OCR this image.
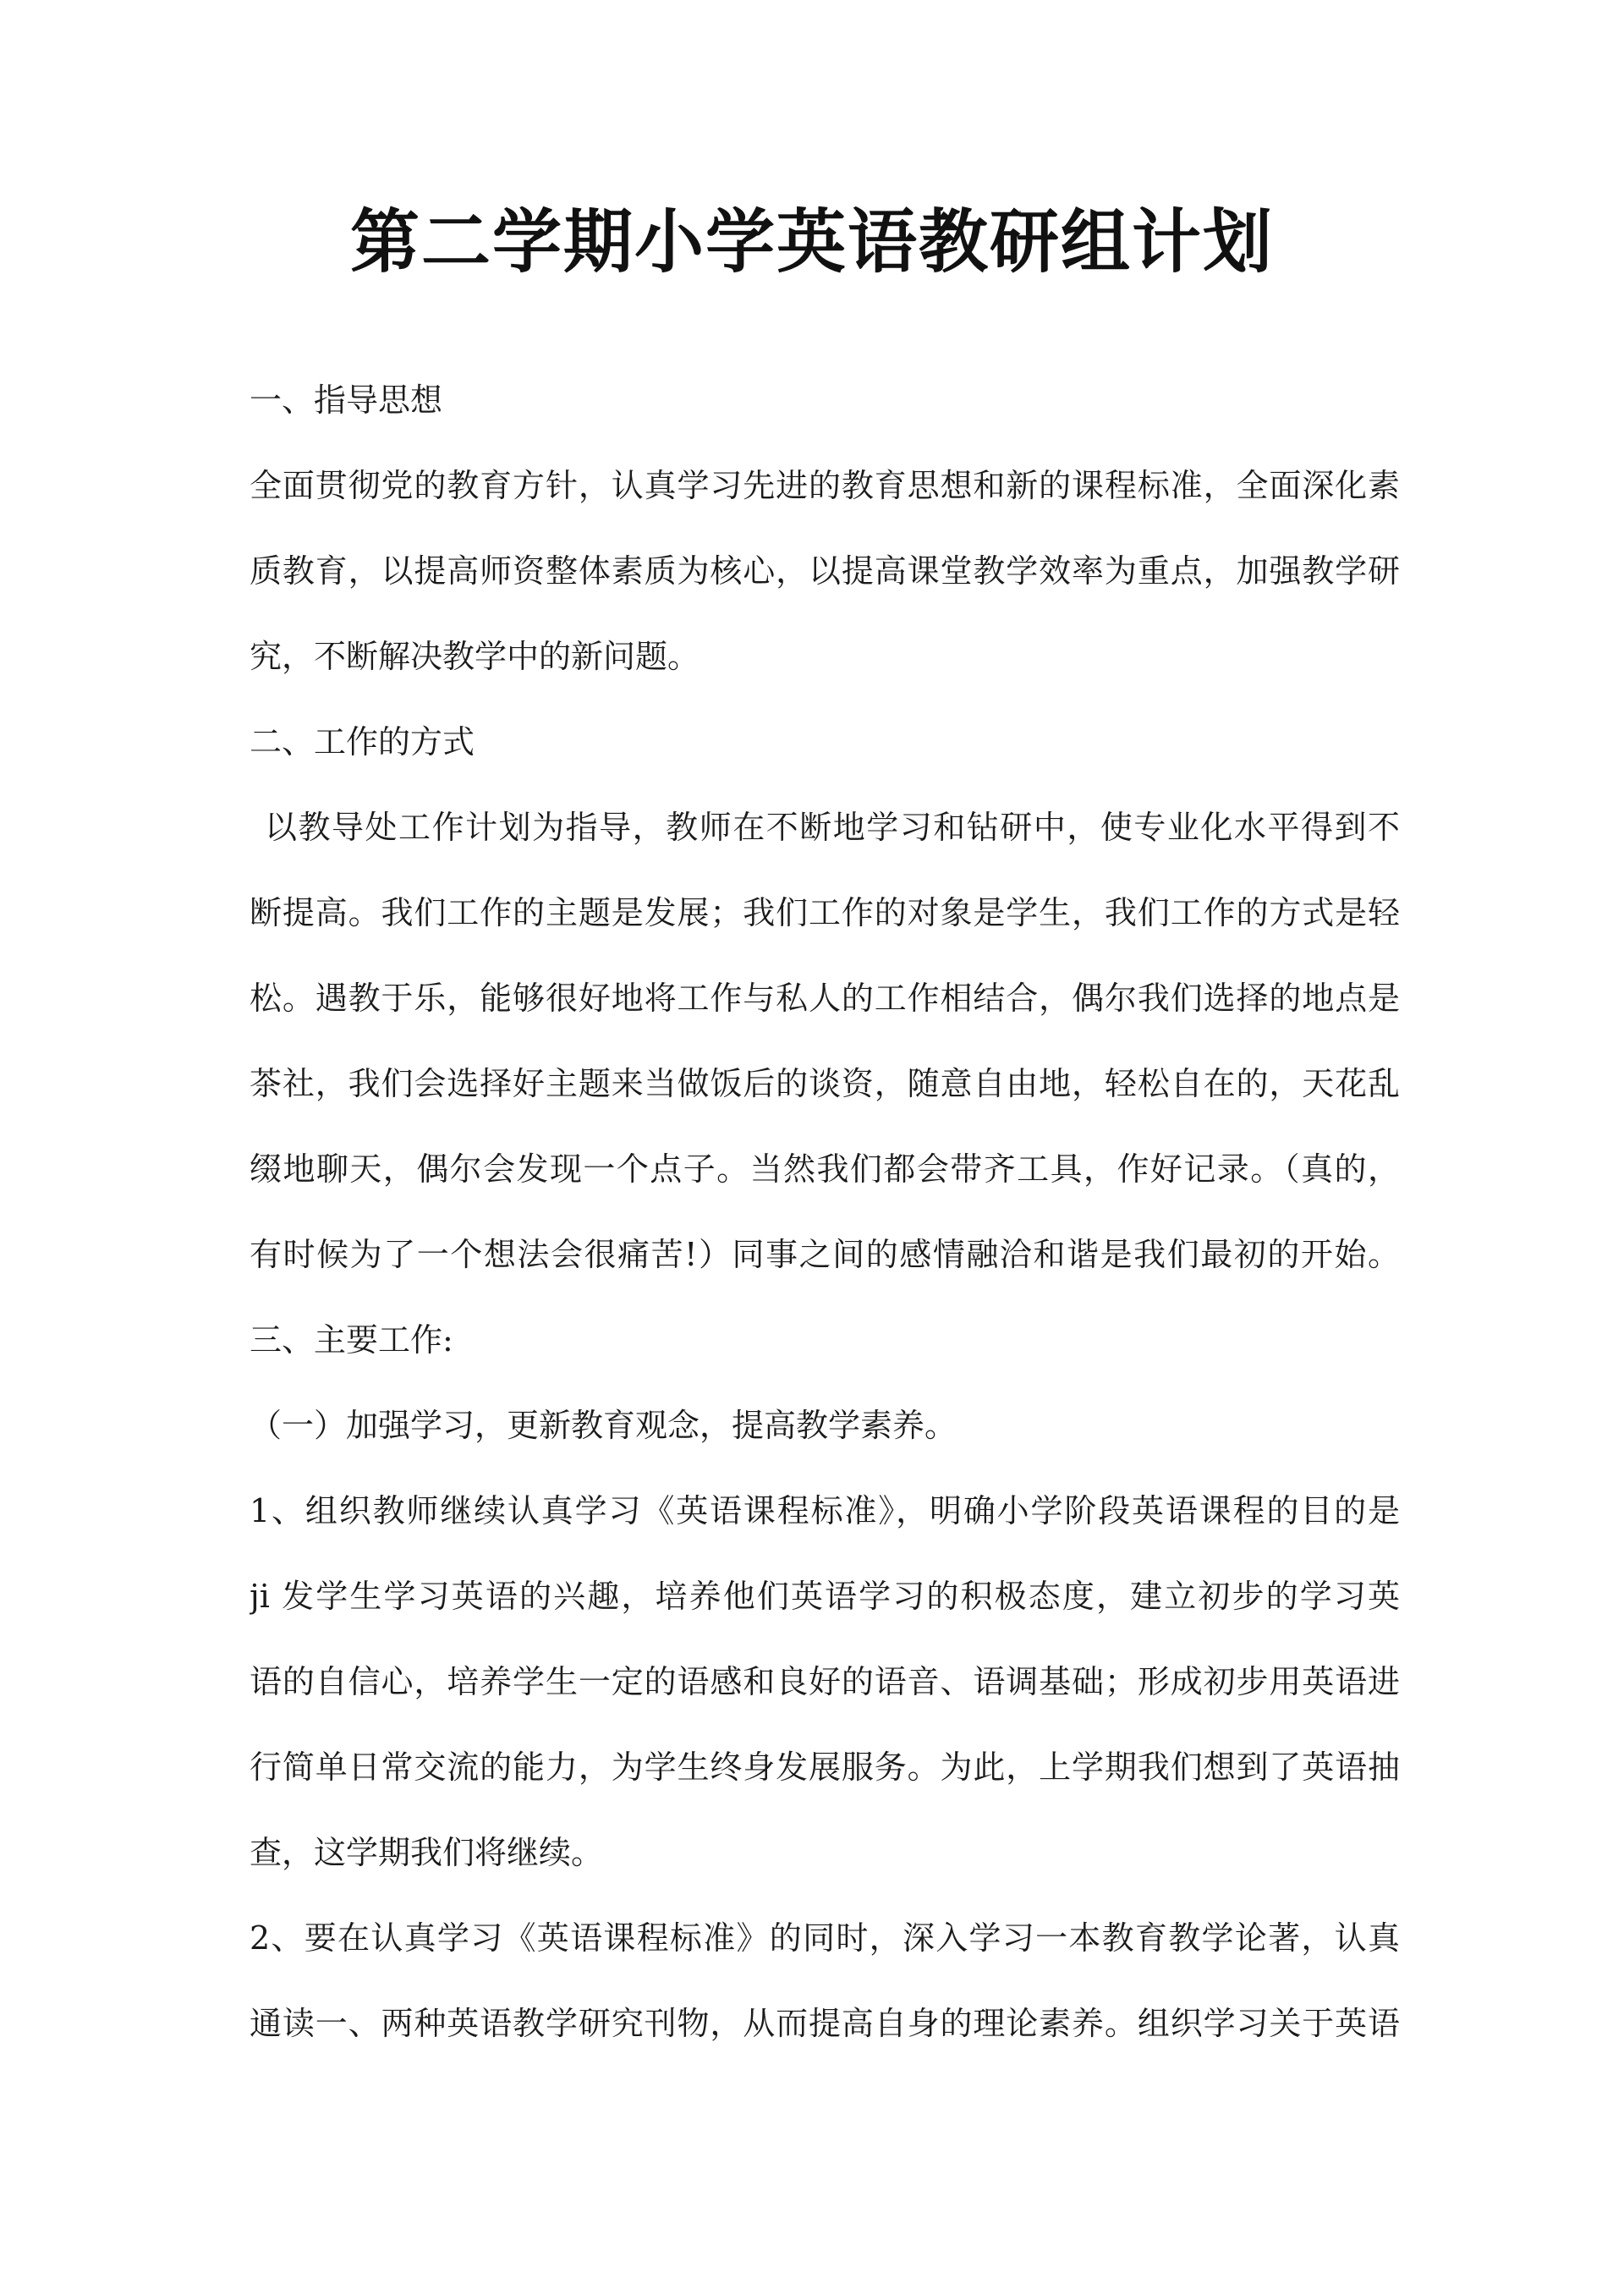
第二学期小学英语教研组计划
一、指导思想
全面贯彻党的教育方针，认真学习先进的教育思想和新的课程标准，全面深化素
质教育，以提高师资整体素质为核心，以提高课堂教学效率为重点，加强教学研
究，不断解决教学中的新问题。
二、工作的方式
以教导处工作计划为指导，教师在不断地学习和钻研中，使专业化水平得到不
断提高。我们工作的主题是发展；我们工作的对象是学生，我们工作的方式是轻
松。遇教于乐，能够很好地将工作与私人的工作相结合，偶尔我们选择的地点是
茶社，我们会选择好主题来当做饭后的谈资，随意自由地，轻松自在的，天花乱
缀地聊天，偶尔会发现一个点子。当然我们都会带齐工具，作好记录。（真的，
有时候为了一个想法会很痛苦!）同事之间的感情融洽和谐是我们最初的开始。
三、主要工作:
（一）加强学习，更新教育观念，提高教学素养。
1、组织教师继续认真学习《英语课程标准》，明确小学阶段英语课程的目的是
ji 发学生学习英语的兴趣，培养他们英语学习的积极态度，建立初步的学习英
语的自信心，培养学生一定的语感和良好的语音、语调基础；形成初步用英语进
行简单日常交流的能力，为学生终身发展服务。为此，上学期我们想到了英语抽
查，这学期我们将继续。
2、要在认真学习《英语课程标准》的同时，深入学习一本教育教学论著，认真
通读一、两种英语教学研究刊物，从而提高自身的理论素养。组织学习关于英语
